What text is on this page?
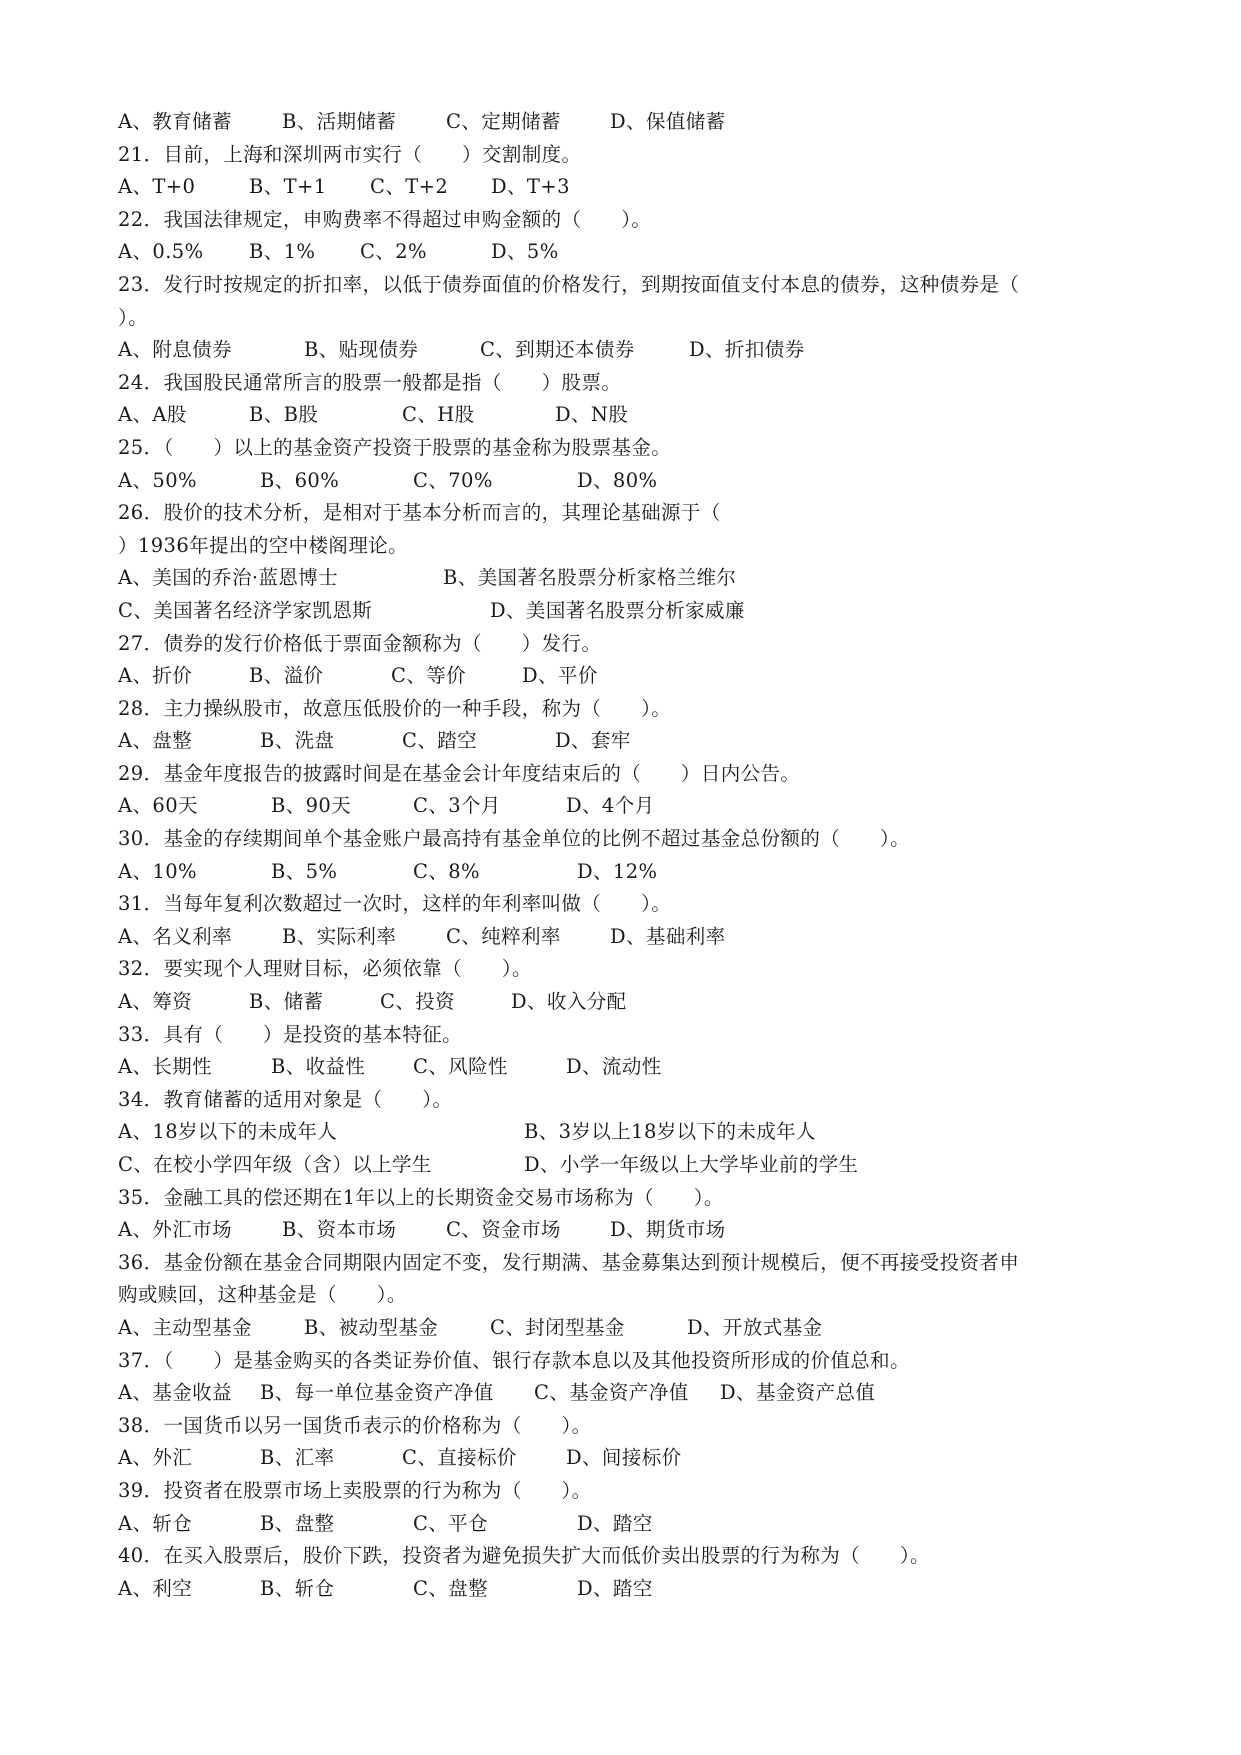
A、教育储蓄	B、活期储蓄	C、定期储蓄	D、保值储蓄
21．目前，上海和深圳两市实行（　　）交割制度。
A、T+0	B、T+1 C、T+2 D、T+3
22．我国法律规定，申购费率不得超过申购金额的（　　）。
A、0.5% B、1% C、2%	D、5%
23．发行时按规定的折扣率，以低于债券面值的价格发行，到期按面值支付本息的债券，这种债券是（
）。
A、附息债券	B、贴现债券	C、到期还本债券	D、折扣债券
24．我国股民通常所言的股票一般都是指（　　）股票。
A、A股	B、B股	C、H股	D、N股
25．（　　）以上的基金资产投资于股票的基金称为股票基金。
A、50%	B、60%	C、70%	D、80%
26．股价的技术分析，是相对于基本分析而言的，其理论基础源于（
）1936年提出的空中楼阁理论。
A、美国的乔治·蓝恩博士	B、美国著名股票分析家格兰维尔
C、美国著名经济学家凯恩斯	D、美国著名股票分析家威廉
27．债券的发行价格低于票面金额称为（　　）发行。
A、折价	B、溢价	C、等价	D、平价
28．主力操纵股市，故意压低股价的一种手段，称为（　　）。
A、盘整	B、洗盘	C、踏空	D、套牢
29．基金年度报告的披露时间是在基金会计年度结束后的（　　）日内公告。
A、60天	B、90天	C、3个月	D、4个月
30．基金的存续期间单个基金账户最高持有基金单位的比例不超过基金总份额的（　　）。
A、10%	B、5%	C、8%	D、12%
31．当每年复利次数超过一次时，这样的年利率叫做（　　）。
A、名义利率	B、实际利率	C、纯粹利率	D、基础利率
32．要实现个人理财目标，必须依靠（　　）。
A、筹资	B、储蓄	C、投资	D、收入分配
33．具有（　　）是投资的基本特征。
A、长期性	B、收益性 C、风险性	D、流动性
34．教育储蓄的适用对象是（　　）。
A、18岁以下的未成年人	B、3岁以上18岁以下的未成年人
C、在校小学四年级（含）以上学生	D、小学一年级以上大学毕业前的学生
35．金融工具的偿还期在1年以上的长期资金交易市场称为（　　）。
A、外汇市场	B、资本市场	C、资金市场	D、期货市场
36．基金份额在基金合同期限内固定不变，发行期满、基金募集达到预计规模后，便不再接受投资者申
购或赎回，这种基金是（　　）。
A、主动型基金	B、被动型基金	C、封闭型基金	D、开放式基金
37．（　　）是基金购买的各类证券价值、银行存款本息以及其他投资所形成的价值总和。
A、基金收益 B、每一单位基金资产净值 C、基金资产净值 D、基金资产总值
38．一国货币以另一国货币表示的价格称为（　　）。
A、外汇	B、汇率	C、直接标价	D、间接标价
39．投资者在股票市场上卖股票的行为称为（　　）。
A、斩仓	B、盘整	C、平仓	D、踏空
40．在买入股票后，股价下跌，投资者为避免损失扩大而低价卖出股票的行为称为（　　）。
A、利空	B、斩仓	C、盘整	D、踏空
